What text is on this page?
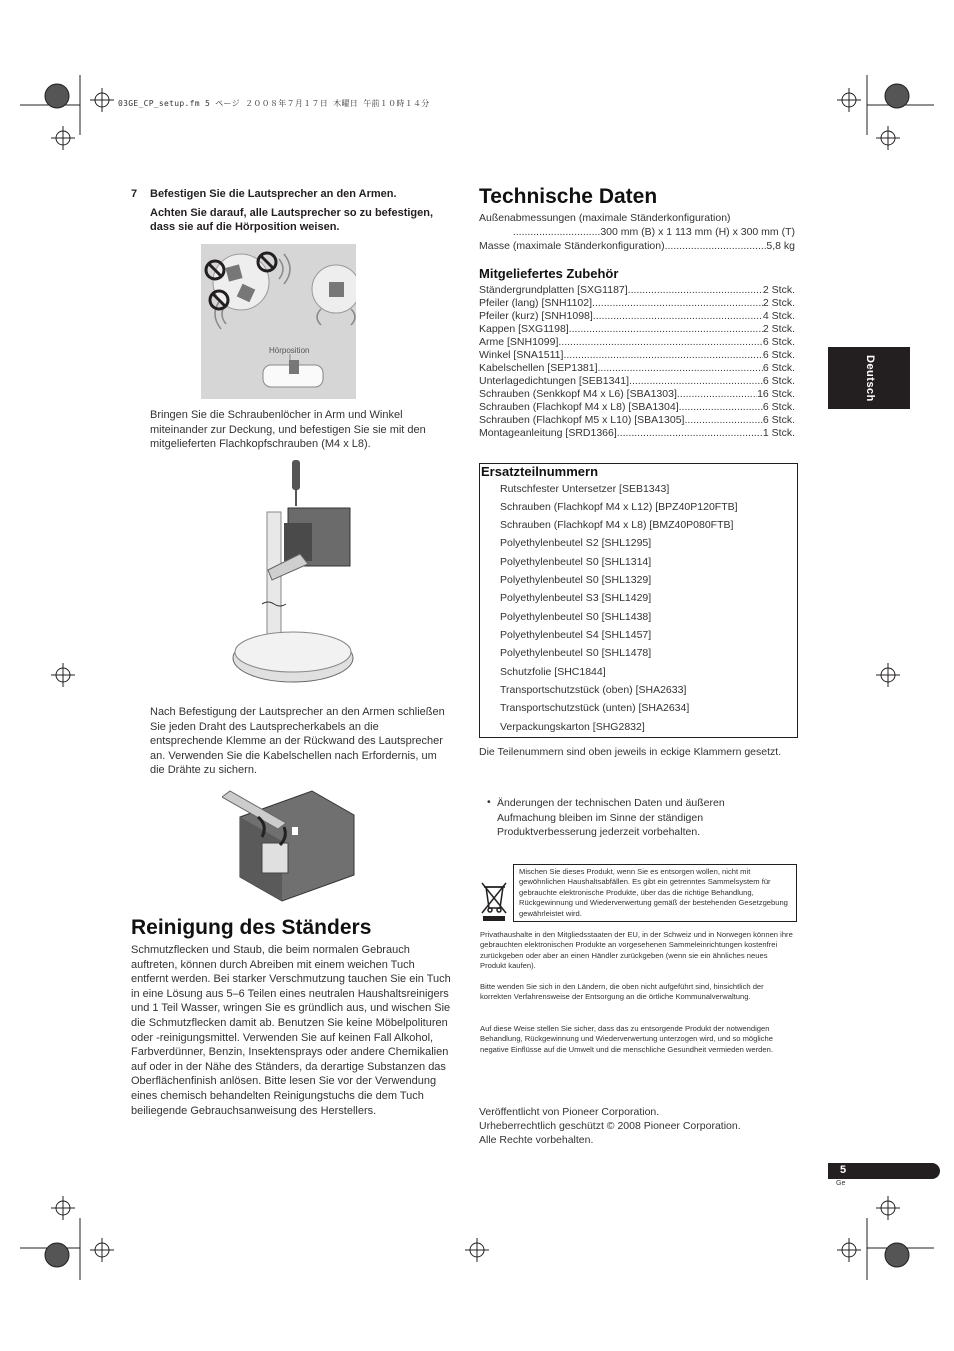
03GE_CP_setup.fm 5 ページ ２００８年７月１７日 木曜日 午前１０時１４分
Deutsch
7 Befestigen Sie die Lautsprecher an den Armen.
Achten Sie darauf, alle Lautsprecher so zu befestigen, dass sie auf die Hörposition weisen.
Hörposition
Bringen Sie die Schraubenlöcher in Arm und Winkel miteinander zur Deckung, und befestigen Sie sie mit den mitgelieferten Flachkopfschrauben (M4 x L8).
Nach Befestigung der Lautsprecher an den Armen schließen Sie jeden Draht des Lautsprecherkabels an die entsprechende Klemme an der Rückwand des Lautsprecher an. Verwenden Sie die Kabelschellen nach Erfordernis, um die Drähte zu sichern.
Reinigung des Ständers
Schmutzflecken und Staub, die beim normalen Gebrauch auftreten, können durch Abreiben mit einem weichen Tuch entfernt werden. Bei starker Verschmutzung tauchen Sie ein Tuch in eine Lösung aus 5–6 Teilen eines neutralen Haushaltsreinigers und 1 Teil Wasser, wringen Sie es gründlich aus, und wischen Sie die Schmutzflecken damit ab. Benutzen Sie keine Möbelpolituren oder -reinigungsmittel. Verwenden Sie auf keinen Fall Alkohol, Farbverdünner, Benzin, Insektensprays oder andere Chemikalien auf oder in der Nähe des Ständers, da derartige Substanzen das Oberflächenfinish anlösen. Bitte lesen Sie vor der Verwendung eines chemisch behandelten Reinigungstuchs die dem Tuch beiliegende Gebrauchsanweisung des Herstellers.
Technische Daten
Außenabmessungen (maximale Ständerkonfiguration)
..............................300 mm (B) x 1 113 mm (H) x 300 mm (T)
Masse (maximale Ständerkonfiguration) .....	5,8 kg
Mitgeliefertes Zubehör
Ständergrundplatten [SXG1187] .....	2 Stck.
Pfeiler (lang) [SNH1102] .....	2 Stck.
Pfeiler (kurz) [SNH1098] .....	4 Stck.
Kappen [SXG1198] .....	2 Stck.
Arme [SNH1099] .....	6 Stck.
Winkel [SNA1511] .....	6 Stck.
Kabelschellen [SEP1381] .....	6 Stck.
Unterlagedichtungen [SEB1341] .....	6 Stck.
Schrauben (Senkkopf M4 x L6) [SBA1303] .....	16 Stck.
Schrauben (Flachkopf M4 x L8) [SBA1304] .....	6 Stck.
Schrauben (Flachkopf M5 x L10) [SBA1305] .....	6 Stck.
Montageanleitung [SRD1366] .....	1 Stck.
Ersatzteilnummern
Rutschfester Untersetzer [SEB1343]
Schrauben (Flachkopf M4 x L12) [BPZ40P120FTB]
Schrauben (Flachkopf M4 x L8) [BMZ40P080FTB]
Polyethylenbeutel S2 [SHL1295]
Polyethylenbeutel S0 [SHL1314]
Polyethylenbeutel S0 [SHL1329]
Polyethylenbeutel S3 [SHL1429]
Polyethylenbeutel S0 [SHL1438]
Polyethylenbeutel S4 [SHL1457]
Polyethylenbeutel S0 [SHL1478]
Schutzfolie [SHC1844]
Transportschutzstück (oben) [SHA2633]
Transportschutzstück (unten) [SHA2634]
Verpackungskarton [SHG2832]
Die Teilenummern sind oben jeweils in eckige Klammern gesetzt.
• Änderungen der technischen Daten und äußeren Aufmachung bleiben im Sinne der ständigen Produktverbesserung jederzeit vorbehalten.
Mischen Sie dieses Produkt, wenn Sie es entsorgen wollen, nicht mit gewöhnlichen Haushaltsabfällen. Es gibt ein getrenntes Sammelsystem für gebrauchte elektronische Produkte, über das die richtige Behandlung, Rückgewinnung und Wiederverwertung gemäß der bestehenden Gesetzgebung gewährleistet wird.
Privathaushalte in den Mitgliedsstaaten der EU, in der Schweiz und in Norwegen können ihre gebrauchten elektronischen Produkte an vorgesehenen Sammeleinrichtungen kostenfrei zurückgeben oder aber an einen Händler zurückgeben (wenn sie ein ähnliches neues Produkt kaufen).
Bitte wenden Sie sich in den Ländern, die oben nicht aufgeführt sind, hinsichtlich der korrekten Verfahrensweise der Entsorgung an die örtliche Kommunalverwaltung.
Auf diese Weise stellen Sie sicher, dass das zu entsorgende Produkt der notwendigen Behandlung, Rückgewinnung und Wiederverwertung unterzogen wird, und so mögliche negative Einflüsse auf die Umwelt und die menschliche Gesundheit vermieden werden.
Veröffentlicht von Pioneer Corporation.
Urheberrechtlich geschützt © 2008 Pioneer Corporation.
Alle Rechte vorbehalten.
5
Ge
